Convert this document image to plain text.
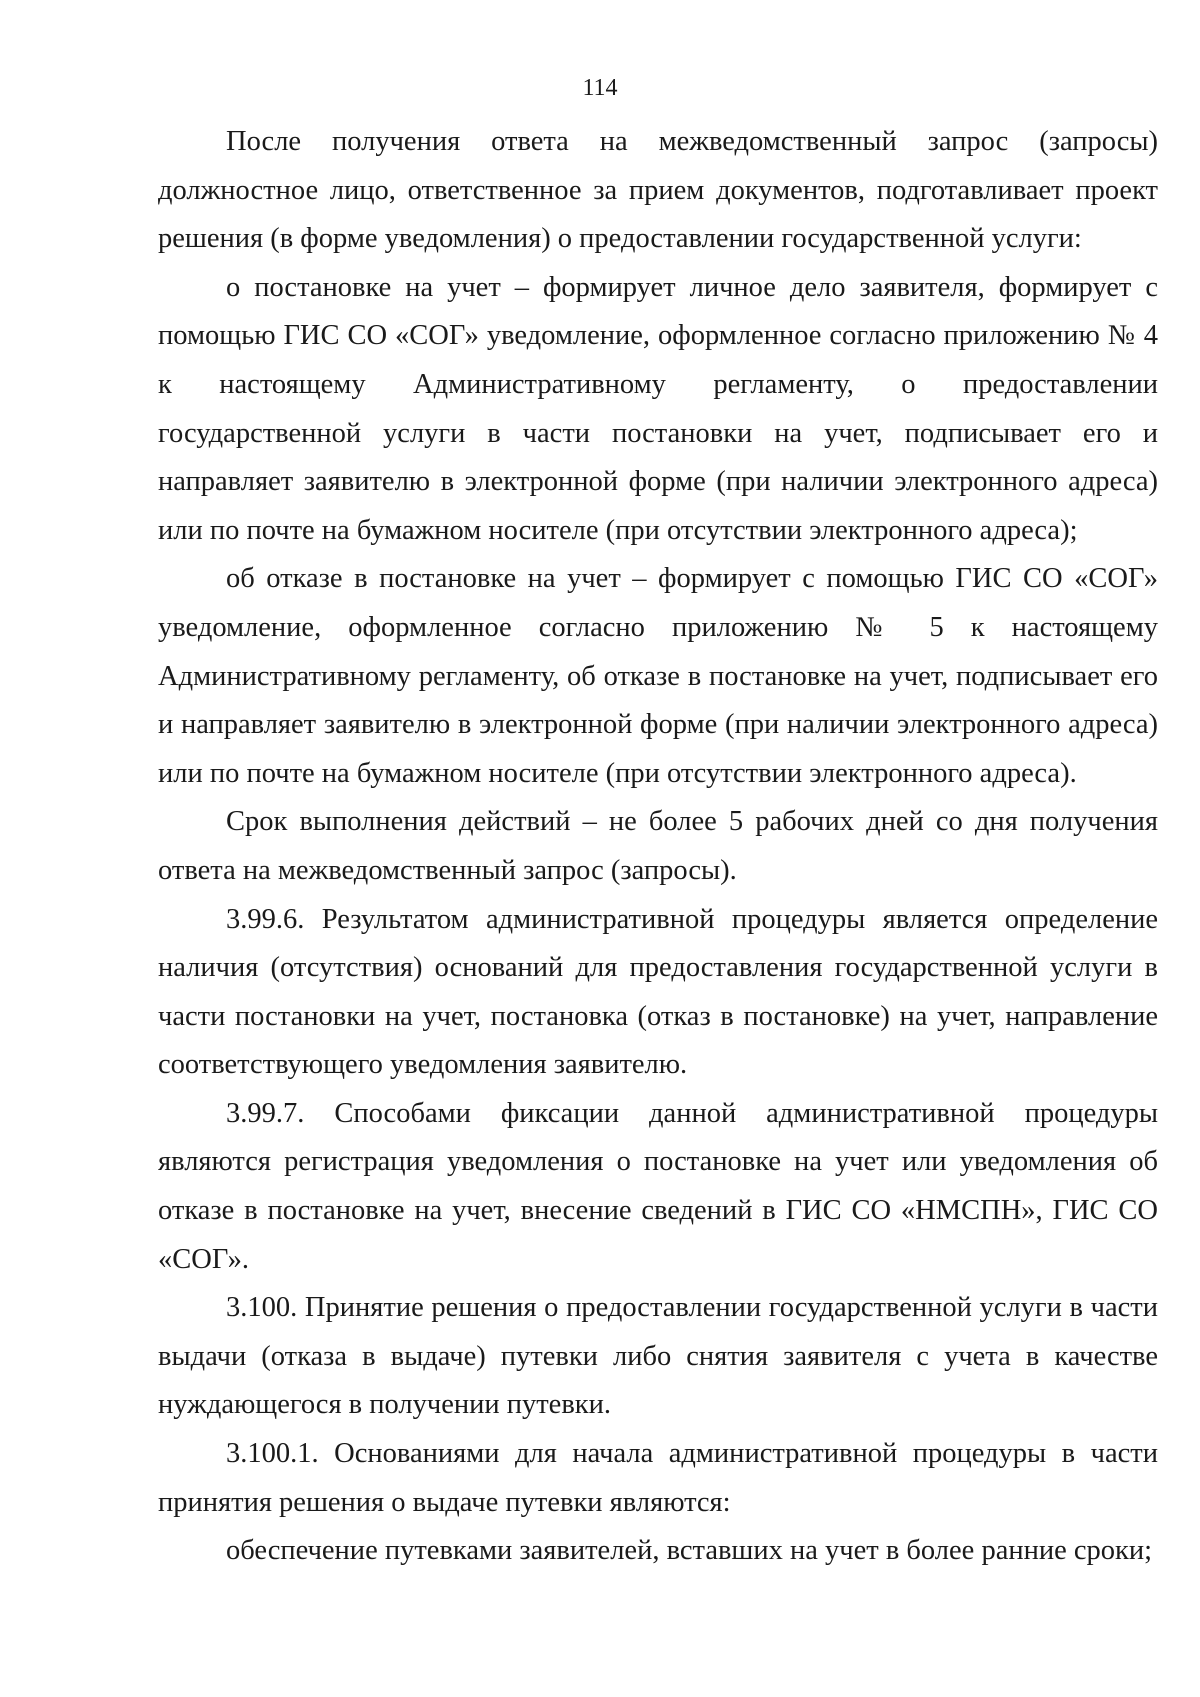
114

После получения ответа на межведомственный запрос (запросы) должностное лицо, ответственное за прием документов, подготавливает проект решения (в форме уведомления) о предоставлении государственной услуги:

о постановке на учет – формирует личное дело заявителя, формирует с помощью ГИС СО «СОГ» уведомление, оформленное согласно приложению № 4 к настоящему Административному регламенту, о предоставлении государственной услуги в части постановки на учет, подписывает его и направляет заявителю в электронной форме (при наличии электронного адреса) или по почте на бумажном носителе (при отсутствии электронного адреса);

об отказе в постановке на учет – формирует с помощью ГИС СО «СОГ» уведомление, оформленное согласно приложению № 5 к настоящему Административному регламенту, об отказе в постановке на учет, подписывает его и направляет заявителю в электронной форме (при наличии электронного адреса) или по почте на бумажном носителе (при отсутствии электронного адреса).

Срок выполнения действий – не более 5 рабочих дней со дня получения ответа на межведомственный запрос (запросы).

3.99.6. Результатом административной процедуры является определение наличия (отсутствия) оснований для предоставления государственной услуги в части постановки на учет, постановка (отказ в постановке) на учет, направление соответствующего уведомления заявителю.

3.99.7. Способами фиксации данной административной процедуры являются регистрация уведомления о постановке на учет или уведомления об отказе в постановке на учет, внесение сведений в ГИС СО «НМСПН», ГИС СО «СОГ».

3.100. Принятие решения о предоставлении государственной услуги в части выдачи (отказа в выдаче) путевки либо снятия заявителя с учета в качестве нуждающегося в получении путевки.

3.100.1. Основаниями для начала административной процедуры в части принятия решения о выдаче путевки являются:

обеспечение путевками заявителей, вставших на учет в более ранние сроки;
